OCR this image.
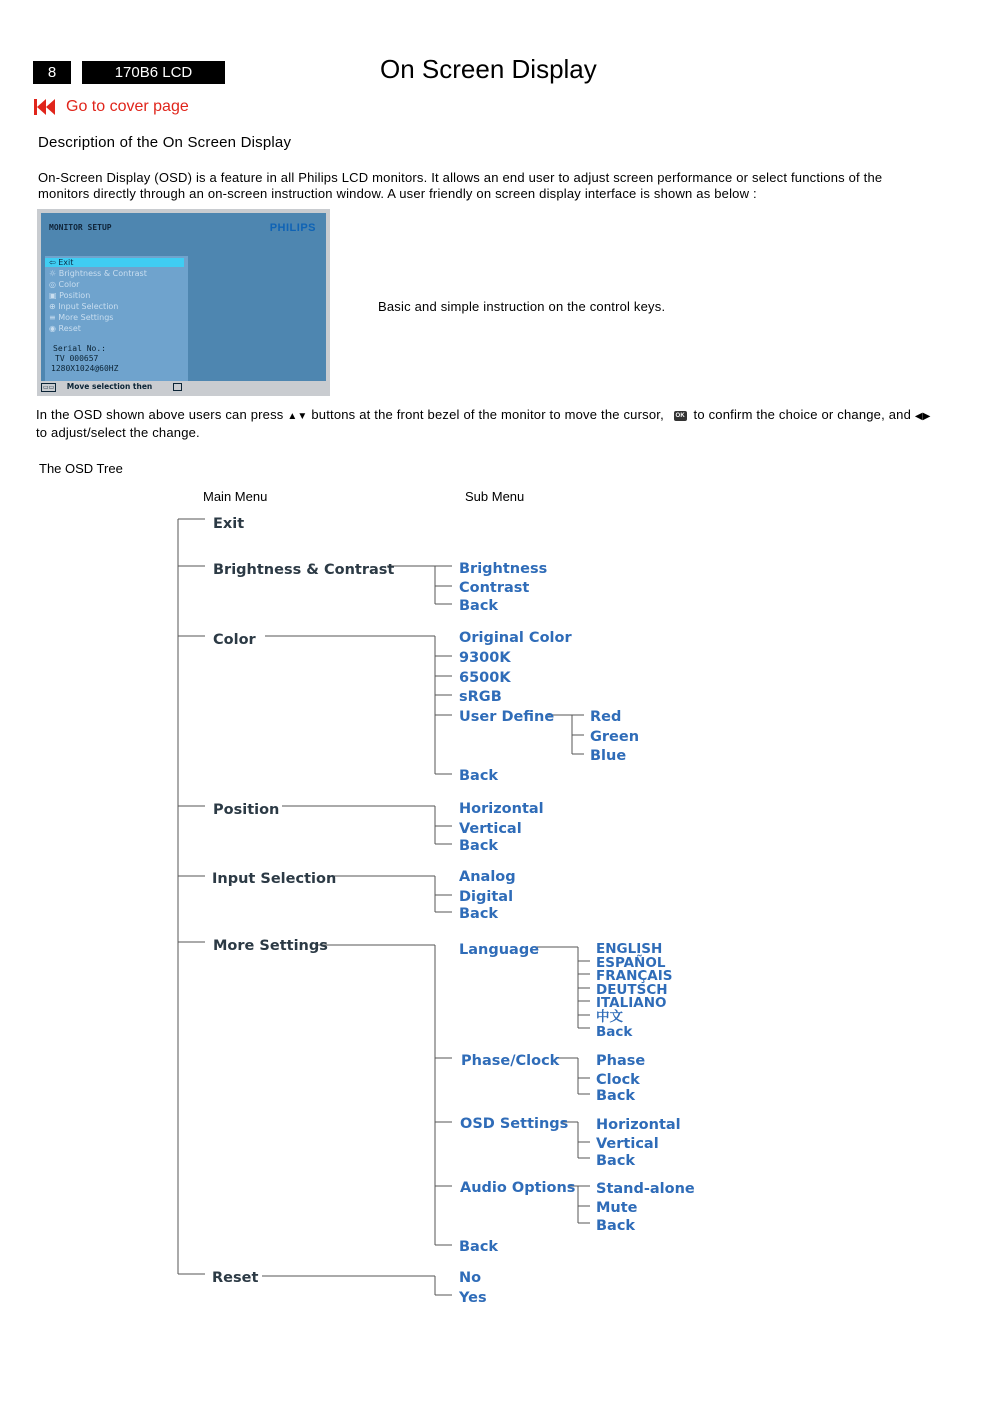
8	170B6 LCD	On Screen Display
Go to cover page
Description of the On Screen Display
On-Screen Display (OSD) is a feature in all Philips LCD monitors. It allows an end user to adjust screen performance or select functions of the monitors directly through an on-screen instruction window. A user friendly on screen display interface is shown as below :
MONITOR SETUP	PHILIPS
⇦ Exit
☼ Brightness & Contrast
◎ Color
▣ Position
⊕ Input Selection
≡ More Settings
◉ Reset
Serial No.:
TV 000657
1280X1024@60HZ
▭▭ Move selection then
Basic and simple instruction on the control keys.
In the OSD shown above users can press ▲▼ buttons at the front bezel of the monitor to move the cursor, OK to confirm the choice or change, and ◀▶ to adjust/select the change.
The OSD Tree
Main Menu	Sub Menu
Exit
Brightness & Contrast
Color
Position
Input Selection
More Settings
Reset
Brightness
Contrast
Back
Original Color
9300K
6500K
sRGB
User Define
Back
Red
Green
Blue
Horizontal
Vertical
Back
Analog
Digital
Back
Language
Phase/Clock
OSD Settings
Audio Options
Back
ENGLISH
ESPAÑOL
FRANÇAIS
DEUTSCH
ITALIANO
中文
Back
Phase
Clock
Back
Horizontal
Vertical
Back
Stand-alone
Mute
Back
No
Yes
